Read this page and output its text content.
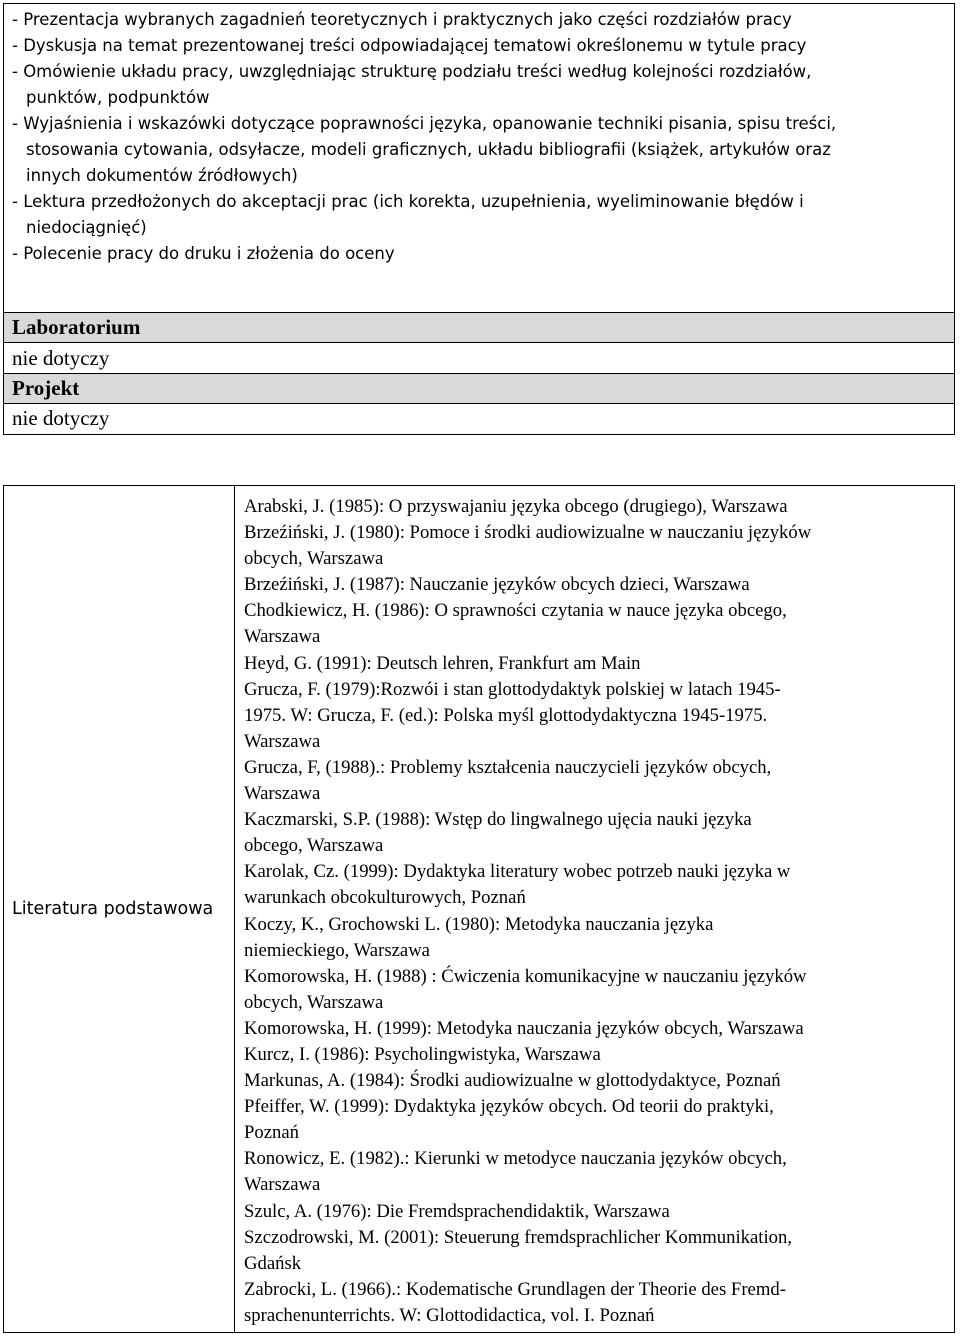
- Prezentacja wybranych zagadnień teoretycznych i praktycznych jako części rozdziałów pracy
- Dyskusja na temat prezentowanej treści odpowiadającej tematowi określonemu w tytule pracy
- Omówienie układu pracy, uwzględniając strukturę podziału treści według kolejności rozdziałów,
punktów, podpunktów
- Wyjaśnienia i wskazówki dotyczące poprawności języka, opanowanie techniki pisania, spisu treści,
stosowania cytowania, odsyłacze, modeli graficznych, układu bibliografii (książek, artykułów oraz
innych dokumentów źródłowych)
- Lektura przedłożonych do akceptacji prac (ich korekta, uzupełnienia, wyeliminowanie błędów i
niedociągnięć)
- Polecenie pracy do druku i złożenia do oceny
Laboratorium
nie dotyczy
Projekt
nie dotyczy
Literatura podstawowa
Arabski, J. (1985): O przyswajaniu języka obcego (drugiego), Warszawa
Brzeźiński, J. (1980): Pomoce i środki audiowizualne w nauczaniu języków
obcych, Warszawa
Brzeźiński, J. (1987): Nauczanie języków obcych dzieci, Warszawa
Chodkiewicz, H. (1986): O sprawności czytania w nauce języka obcego,
Warszawa
Heyd, G. (1991): Deutsch lehren, Frankfurt am Main
Grucza, F. (1979):Rozwói i stan glottodydaktyk polskiej w latach 1945-
1975. W: Grucza, F. (ed.): Polska myśl glottodydaktyczna 1945-1975.
Warszawa
Grucza, F, (1988).: Problemy kształcenia nauczycieli języków obcych,
Warszawa
Kaczmarski, S.P. (1988): Wstęp do lingwalnego ujęcia nauki języka
obcego, Warszawa
Karolak, Cz. (1999): Dydaktyka literatury wobec potrzeb nauki języka w
warunkach obcokulturowych, Poznań
Koczy, K., Grochowski L. (1980): Metodyka nauczania języka
niemieckiego, Warszawa
Komorowska, H. (1988) : Ćwiczenia komunikacyjne w nauczaniu języków
obcych, Warszawa
Komorowska, H. (1999): Metodyka nauczania języków obcych, Warszawa
Kurcz, I. (1986): Psycholingwistyka, Warszawa
Markunas, A. (1984): Środki audiowizualne w glottodydaktyce, Poznań
Pfeiffer, W. (1999): Dydaktyka języków obcych. Od teorii do praktyki,
Poznań
Ronowicz, E. (1982).: Kierunki w metodyce nauczania języków obcych,
Warszawa
Szulc, A. (1976): Die Fremdsprachendidaktik, Warszawa
Szczodrowski, M. (2001): Steuerung fremdsprachlicher Kommunikation,
Gdańsk
Zabrocki, L. (1966).: Kodematische Grundlagen der Theorie des Fremd-
sprachenunterrichts. W: Glottodidactica, vol. I. Poznań
